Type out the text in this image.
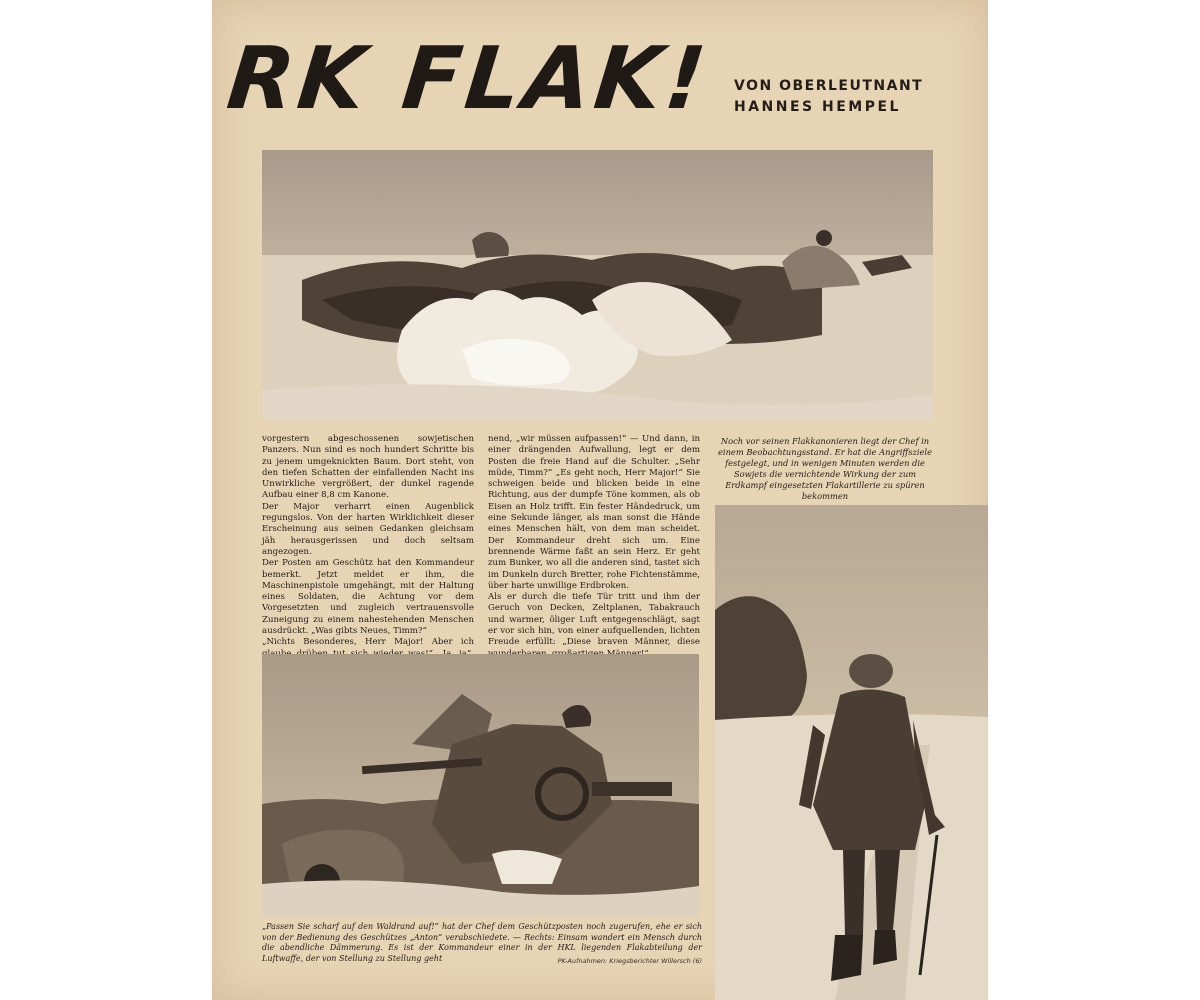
RK FLAK! VON OBERLEUTNANT
HANNES HEMPEL

vorgestern abgeschossenen sowjetischen Panzers. Nun sind es noch hundert Schritte bis zu jenem umgeknickten Baum. Dort steht, von den tiefen Schatten der einfallenden Nacht ins Unwirkliche vergrößert, der dunkel ragende Aufbau einer 8,8 cm Kanone.

Der Major verharrt einen Augenblick regungslos. Von der harten Wirklichkeit dieser Erscheinung aus seinen Gedanken gleichsam jäh herausgerissen und doch seltsam angezogen.

Der Posten am Geschütz hat den Kommandeur bemerkt. Jetzt meldet er ihm, die Maschinenpistole umgehängt, mit der Haltung eines Soldaten, die Achtung vor dem Vorgesetzten und zugleich vertrauensvolle Zuneigung zu einem nahestehenden Menschen ausdrückt. „Was gibts Neues, Timm?“

„Nichts Besonderes, Herr Major! Aber ich

nend, „wir müssen aufpassen!“ — Und dann, in einer drängenden Aufwallung, legt er dem Posten die freie Hand auf die Schulter. „Sehr müde, Timm?“ „Es geht noch, Herr Major!“ Sie schweigen beide und blicken beide in eine Richtung, aus der dumpfe Töne kommen, als ob Eisen an Holz trifft. Ein fester Händedruck, um eine Sekunde länger, als man sonst die Hände eines Menschen hält, von dem man scheidet. Der Kommandeur dreht sich um. Eine brennende Wärme faßt an sein Herz. Er geht zum Bunker, wo all die anderen sind, tastet sich im Dunkeln durch Bretter, rohe Fichtenstämme, über harte unwillige Erdbroken.

Als er durch die tiefe Tür tritt und ihm der Geruch von Decken, Zeltplanen, Tabakrauch und warmer, öliger Luft entgegenschlägt, sagt er vor sich hin, von einer aufquellenden, lichten Freude erfüllt: „Diese braven Männer, diese

Noch vor seinen Flakkanonieren liegt der Chef in einem Beobachtungsstand. Er hat die Angriffsziele festgelegt, und in wenigen Minuten werden die Sowjets die vernichtende Wirkung der zum Erdkampf eingesetzten Flakartillerie zu spüren bekommen
„Passen Sie scharf auf den Waldrand auf!“ hat der Chef dem Geschützposten noch zugerufen, ehe er sich von der Bedienung des Geschützes „Anton“ verabschiedete. — Rechts: Einsam wandert ein Mensch durch die abendliche Dämmerung. Es ist der Kommandeur einer in der HKL liegenden Flakabteilung der Luftwaffe, der von Stellung zu Stellung geht	PK-Aufnahmen: Kriegsberichter Willersch (6)
